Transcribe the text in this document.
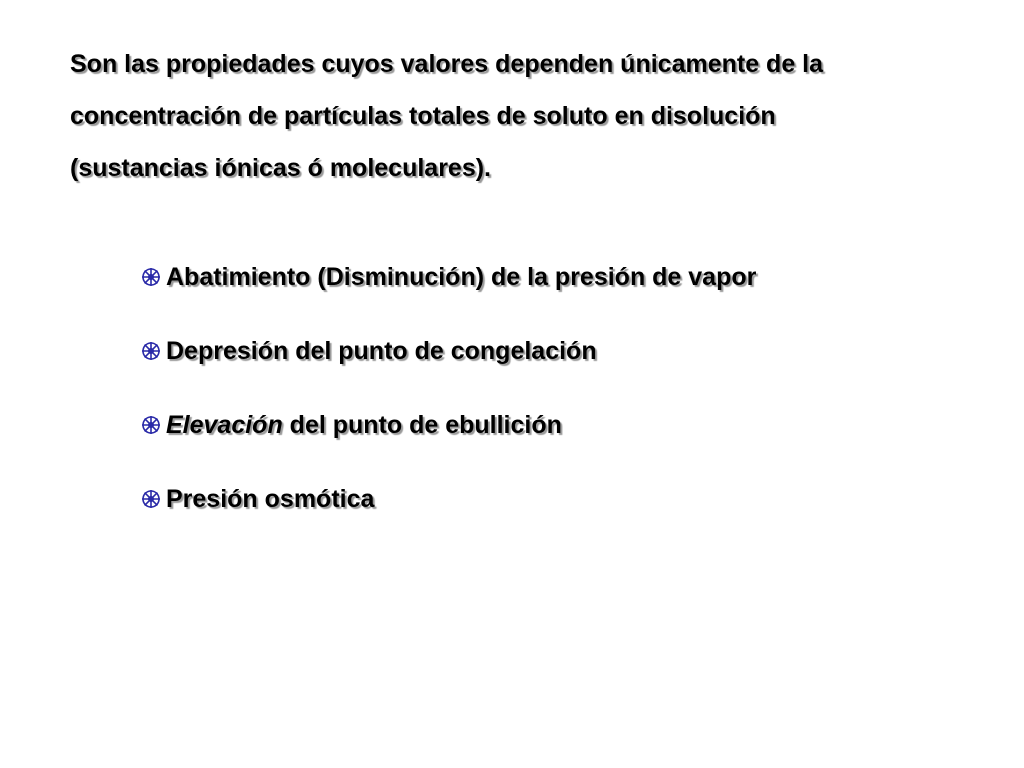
Son las propiedades cuyos valores dependen únicamente de la
concentración de partículas totales de soluto en disolución
(sustancias iónicas ó moleculares).
Abatimiento (Disminución) de la presión de vapor
Depresión del punto de congelación
Elevación del punto de ebullición
Presión osmótica
